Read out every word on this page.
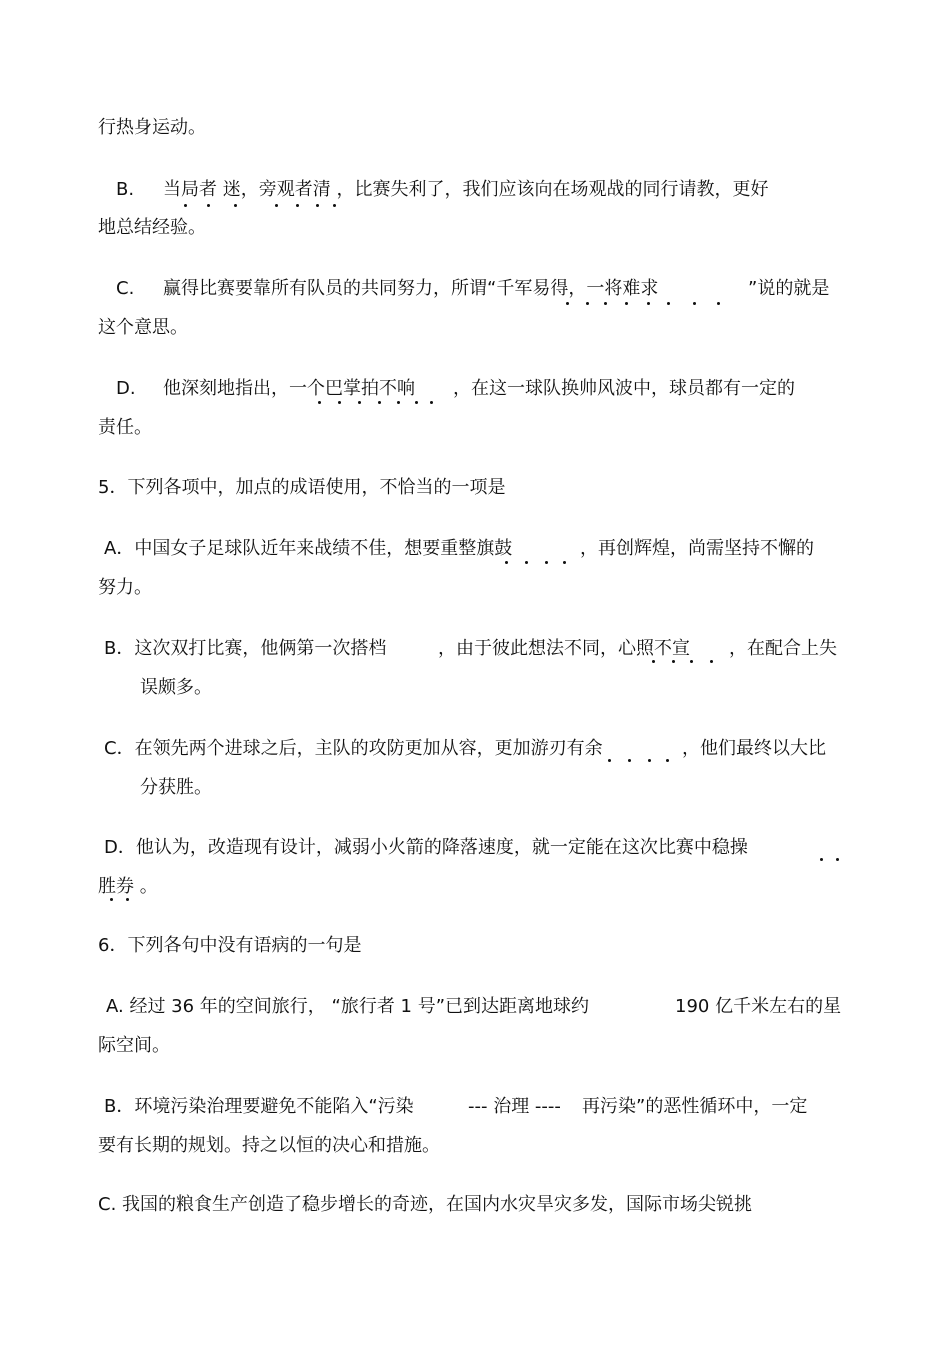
行热身运动。
B. 当局者 迷，旁观者清 ，比赛失利了，我们应该向在场观战的同行请教，更好
地总结经验。
C. 赢得比赛要靠所有队员的共同努力，所谓“千军易得，一将难求	”说的就是
这个意思。
D. 他深刻地指出，一个巴掌拍不响 ，在这一球队换帅风波中，球员都有一定的
责任。
5．下列各项中，加点的成语使用，不恰当的一项是
A．中国女子足球队近年来战绩不佳，想要重整旗鼓	，再创辉煌，尚需坚持不懈的
努力。
B．这次双打比赛，他俩第一次搭档	，由于彼此想法不同，心照不宣 ，在配合上失
误颇多。
C．在领先两个进球之后，主队的攻防更加从容，更加游刃有余	，他们最终以大比
分获胜。
D．他认为，改造现有设计，减弱小火箭的降落速度，就一定能在这次比赛中稳操
胜券 。
6．下列各句中没有语病的一句是
A. 经过 36 年的空间旅行， “旅行者 1 号”已到达距离地球约	190 亿千米左右的星
际空间。
B．环境污染治理要避免不能陷入“污染	--- 治理 ---- 再污染”的恶性循环中，一定
要有长期的规划。持之以恒的决心和措施。
C. 我国的粮食生产创造了稳步增长的奇迹，在国内水灾旱灾多发，国际市场尖锐挑
